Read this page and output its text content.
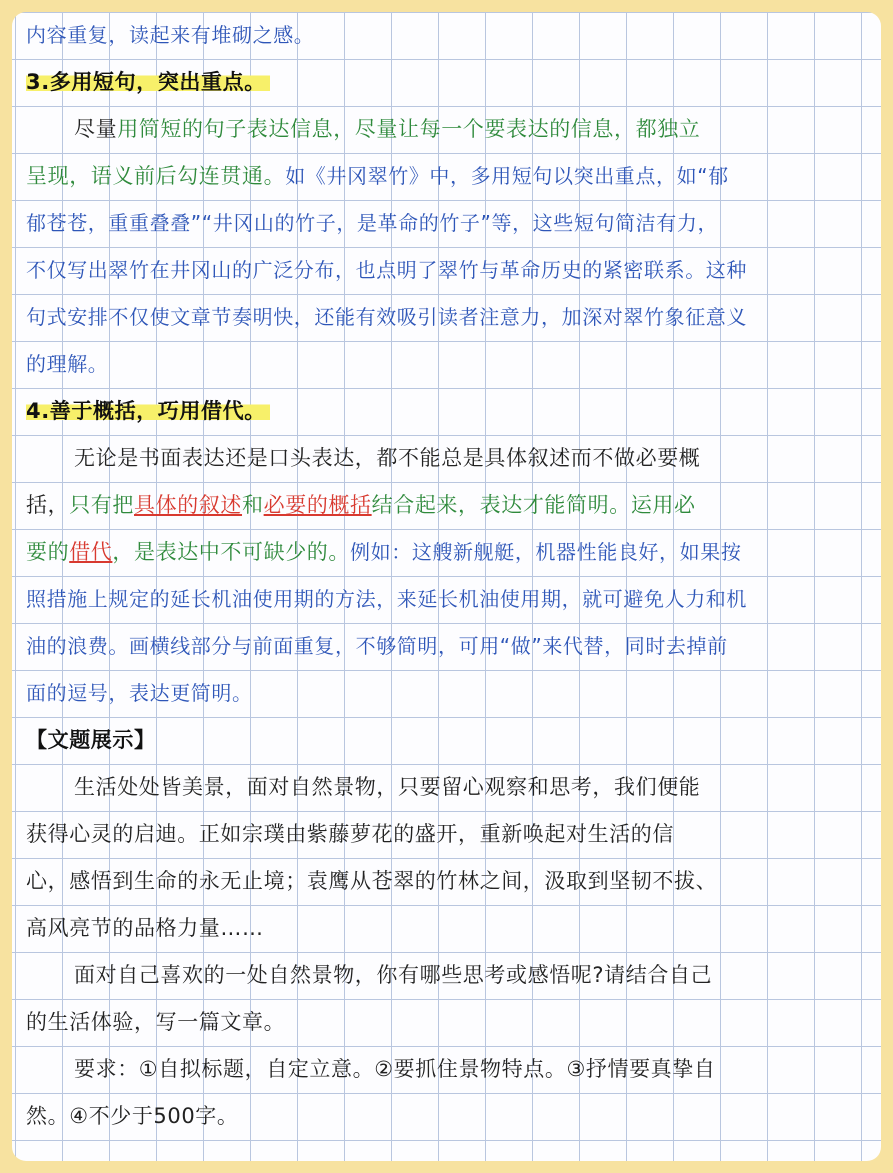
内容重复，读起来有堆砌之感。
3.多用短句，突出重点。
尽量用简短的句子表达信息，尽量让每一个要表达的信息，都独立
呈现，语义前后勾连贯通。如《井冈翠竹》中，多用短句以突出重点，如“郁
郁苍苍，重重叠叠”“井冈山的竹子，是革命的竹子”等，这些短句简洁有力，
不仅写出翠竹在井冈山的广泛分布，也点明了翠竹与革命历史的紧密联系。这种
句式安排不仅使文章节奏明快，还能有效吸引读者注意力，加深对翠竹象征意义
的理解。
4.善于概括，巧用借代。
无论是书面表达还是口头表达，都不能总是具体叙述而不做必要概
括，只有把具体的叙述和必要的概括结合起来，表达才能简明。运用必
要的借代，是表达中不可缺少的。例如：这艘新舰艇，机器性能良好，如果按
照措施上规定的延长机油使用期的方法，来延长机油使用期，就可避免人力和机
油的浪费。画横线部分与前面重复，不够简明，可用“做”来代替，同时去掉前
面的逗号，表达更简明。
【文题展示】
生活处处皆美景，面对自然景物，只要留心观察和思考，我们便能
获得心灵的启迪。正如宗璞由紫藤萝花的盛开，重新唤起对生活的信
心，感悟到生命的永无止境；袁鹰从苍翠的竹林之间，汲取到坚韧不拔、
高风亮节的品格力量……
面对自己喜欢的一处自然景物，你有哪些思考或感悟呢?请结合自己
的生活体验，写一篇文章。
要求：①自拟标题，自定立意。②要抓住景物特点。③抒情要真挚自
然。④不少于500字。
